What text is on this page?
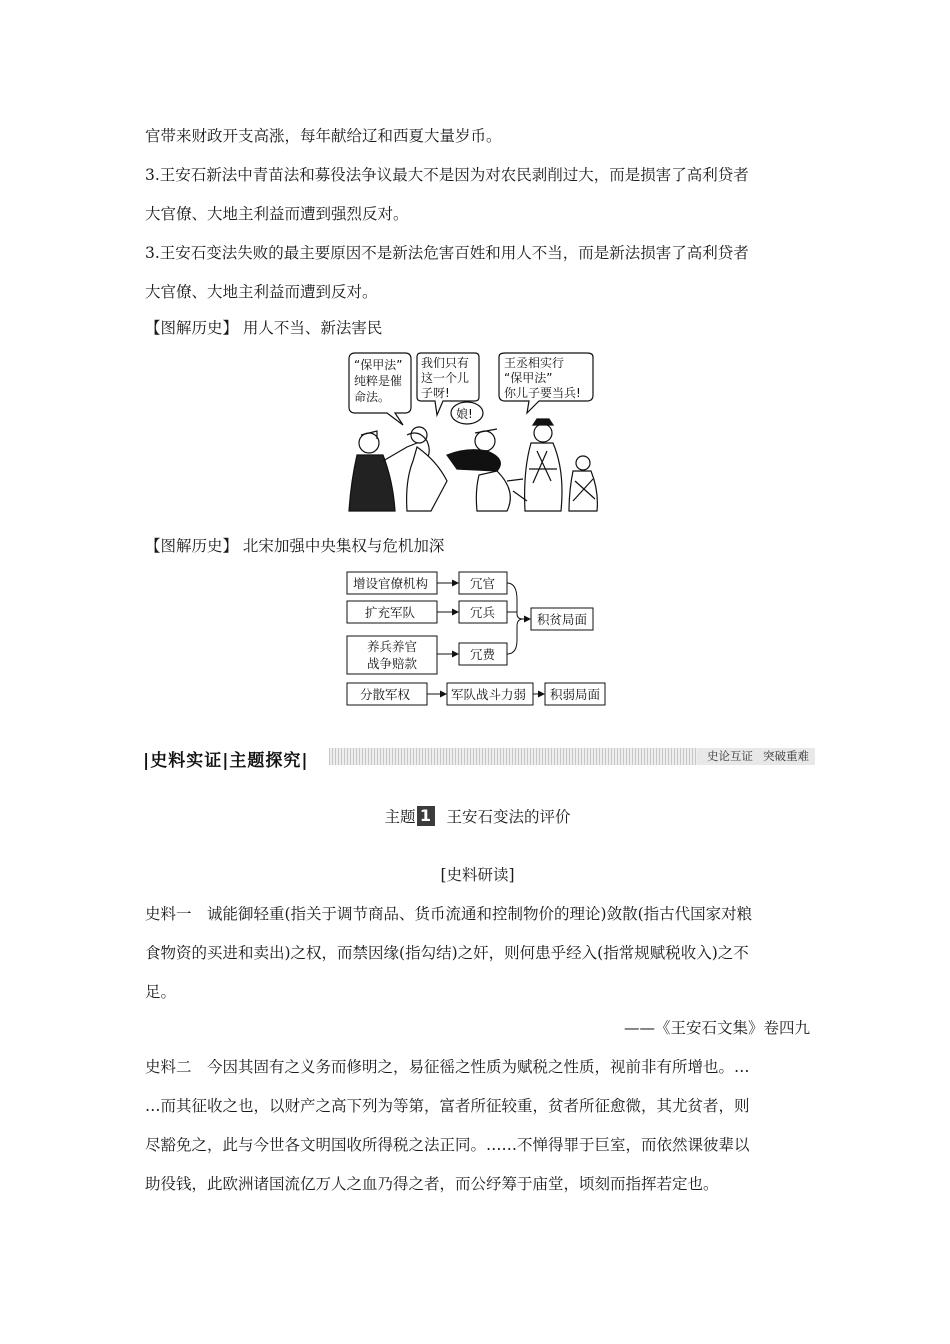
官带来财政开支高涨，每年献给辽和西夏大量岁币。
3.王安石新法中青苗法和募役法争议最大不是因为对农民剥削过大，而是损害了高利贷者
大官僚、大地主利益而遭到强烈反对。
3.王安石变法失败的最主要原因不是新法危害百姓和用人不当，而是新法损害了高利贷者
大官僚、大地主利益而遭到反对。
【图解历史】 用人不当、新法害民
“保甲法”
纯粹是催
命法。
我们只有
这一个儿
子呀!
娘!
王丞相实行
“保甲法”
你儿子要当兵!
【图解历史】 北宋加强中央集权与危机加深
增设官僚机构
扩充军队
养兵养官
战争赔款
冗官
冗兵
冗费
积贫局面
分散军权	军队战斗力弱 积弱局面
|史料实证|主题探究|	史论互证 突破重难
主题 1 王安石变法的评价
[史料研读]
史料一　诚能御轻重(指关于调节商品、货币流通和控制物价的理论)敛散(指古代国家对粮
食物资的买进和卖出)之权，而禁因缘(指勾结)之奸，则何患乎经入(指常规赋税收入)之不
足。
——《王安石文集》卷四九
史料二　今因其固有之义务而修明之，易征徭之性质为赋税之性质，视前非有所增也。…
…而其征收之也，以财产之高下列为等第，富者所征较重，贫者所征愈微，其尤贫者，则
尽豁免之，此与今世各文明国收所得税之法正同。……不惮得罪于巨室，而依然课彼辈以
助役钱，此欧洲诸国流亿万人之血乃得之者，而公纾筹于庙堂，顷刻而指挥若定也。
